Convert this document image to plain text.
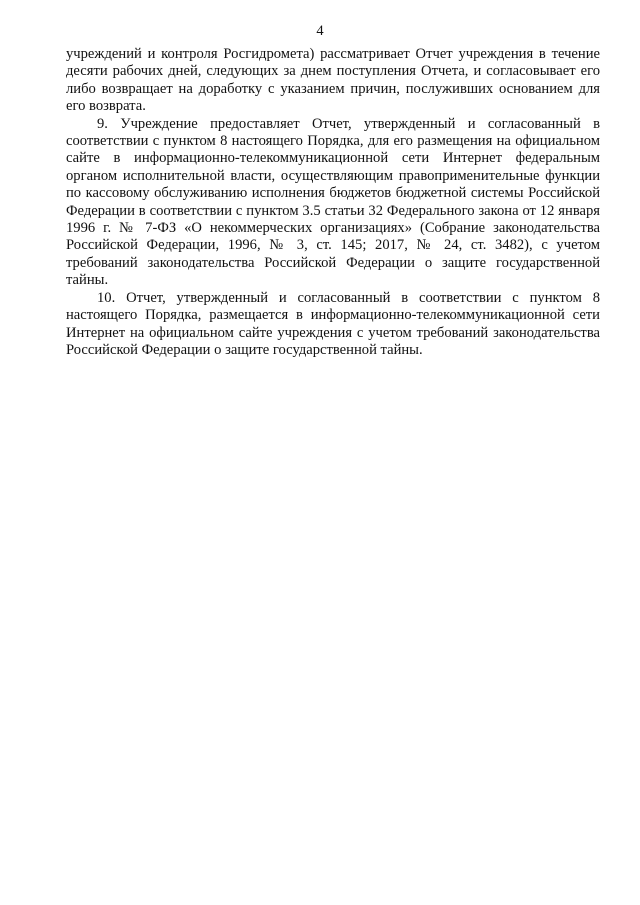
4

учреждений и контроля Росгидромета) рассматривает Отчет учреждения в течение десяти рабочих дней, следующих за днем поступления Отчета, и согласовывает его либо возвращает на доработку с указанием причин, послуживших основанием для его возврата.

9. Учреждение предоставляет Отчет, утвержденный и согласованный в соответствии с пунктом 8 настоящего Порядка, для его размещения на официальном сайте в информационно-телекоммуникационной сети Интернет федеральным органом исполнительной власти, осуществляющим правоприменительные функции по кассовому обслуживанию исполнения бюджетов бюджетной системы Российской Федерации в соответствии с пунктом 3.5 статьи 32 Федерального закона от 12 января 1996 г. № 7-ФЗ «О некоммерческих организациях» (Собрание законодательства Российской Федерации, 1996, № 3, ст. 145; 2017, № 24, ст. 3482), с учетом требований законодательства Российской Федерации о защите государственной тайны.

10. Отчет, утвержденный и согласованный в соответствии с пунктом 8 настоящего Порядка, размещается в информационно-телекоммуникационной сети Интернет на официальном сайте учреждения с учетом требований законодательства Российской Федерации о защите государственной тайны.
